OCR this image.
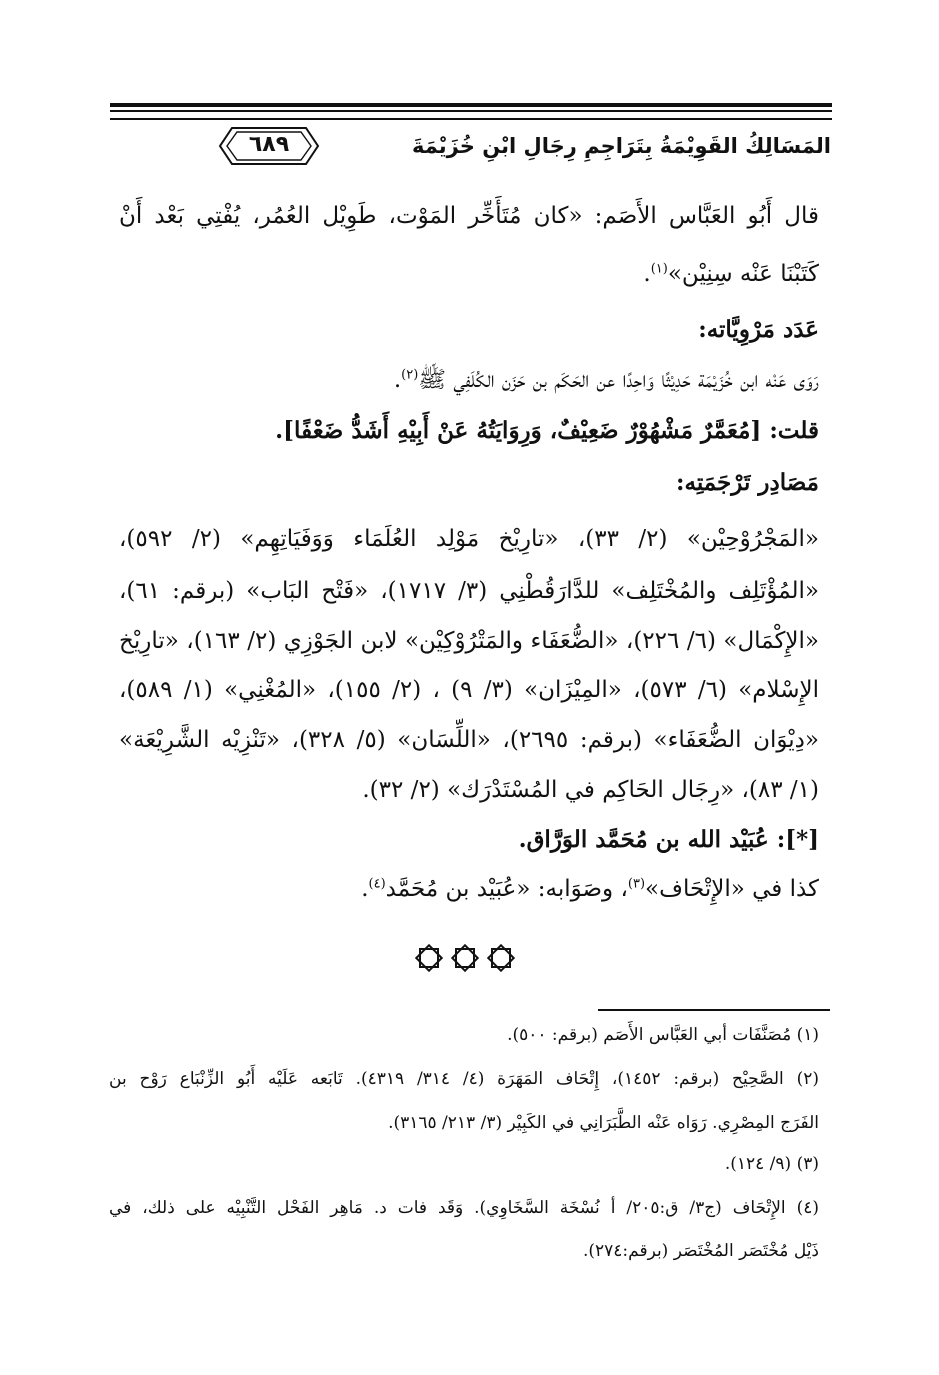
٦٨٩	المَسَالِكُ القَوِيْمَةُ بِتَرَاجِمِ رِجَالِ ابْنِ خُزَيْمَةَ
قال أَبُو العَبَّاس الأَصَم: «كان مُتَأَخِّر المَوْت، طَوِيْل العُمُر، يُفْتِي بَعْد أَنْ
كَتَبْنَا عَنْه سِنِيْن»$^{(١)}$.
عَدَد مَرْوِيَّاته:
رَوَى عَنْه ابن خُزَيْمَة حَدِيْثًا وَاحِدًا عن الحَكَم بن حَزَن الكُلَفِي ﷺ$^{(٢)}$.
قلت: [مُعَمَّرٌ مَشْهُوْرٌ ضَعِيْفٌ، وَرِوَايَتُهُ عَنْ أَبِيْهِ أَشَدُّ ضَعْفًا].
مَصَادِر تَرْجَمَتِه:
«المَجْرُوْحِيْن» (٢/ ٣٣)، «تارِيْخ مَوْلِد العُلَمَاء وَوَفَيَاتِهِم» (٢/ ٥٩٢)،
«المُؤْتَلِف والمُخْتَلِف» للدَّارَقُطْنِي (٣/ ١٧١٧)، «فَتْح البَاب» (برقم: ٦١)،
«الإِكْمَال» (٦/ ٢٢٦)، «الضُّعَفَاء والمَتْرُوْكِيْن» لابن الجَوْزِي (٢/ ١٦٣)، «تارِيْخ
الإِسْلام» (٦/ ٥٧٣)، «المِيْزَان» (٣/ ٩) ، (٢/ ١٥٥)، «المُغْنِي» (١/ ٥٨٩)،
«دِيْوَان الضُّعَفَاء» (برقم: ٢٦٩٥)، «اللِّسَان» (٥/ ٣٢٨)، «تَنْزِيْه الشَّرِيْعَة»
(١/ ٨٣)، «رِجَال الحَاكِم في المُسْتَدْرَك» (٢/ ٣٢).
[*]: عُبَيْد الله بن مُحَمَّد الوَرَّاق.
كذا في «الإِتْحَاف»$^{(٣)}$، وصَوَابه: «عُبَيْد بن مُحَمَّد$^{(٤)}$.
(١) مُصَنَّفَات أبي العَبَّاس الأَصَم (برقم: ٥٠٠).
(٢) الصَّحِيْح (برقم: ١٤٥٢)، إِتْحَاف المَهَرَة (٤/ ٣١٤/ ٤٣١٩). تَابَعه عَلَيْه أَبُو الزِّنْبَاع رَوْح بن
الفَرَج المِصْرِي. رَوَاه عَنْه الطَّبَرَانِي في الكَبِيْر (٣/ ٢١٣/ ٣١٦٥).
(٣) (٩/ ١٢٤).
(٤) الإِتْحَاف (ج٣/ ق:٢٠٥/ أ نُسْخَة السَّخَاوِي). وَقَد فات د. مَاهِر الفَحْل التَّنْبِيْه على ذلك، في
ذَيْل مُخْتَصَر المُخْتَصَر (برقم:٢٧٤).
